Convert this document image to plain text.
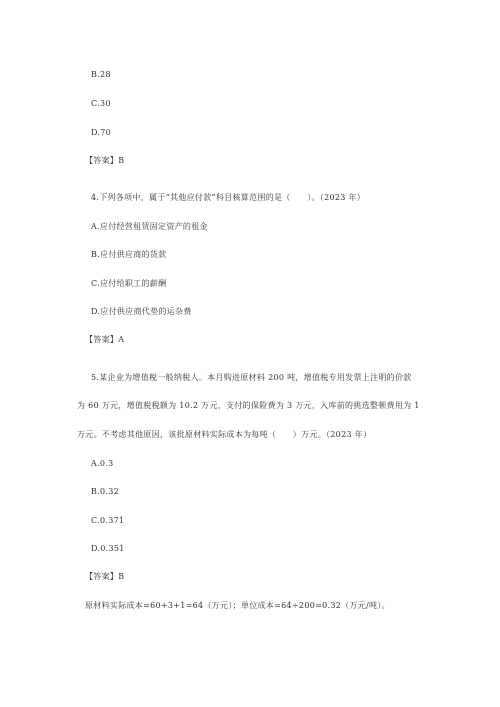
B.28
C.30
D.70
【答案】B
4.下列各项中，属于“其他应付款”科目核算范围的是（　　）。（2023 年）
A.应付经营租赁固定资产的租金
B.应付供应商的货款
C.应付给职工的薪酬
D.应付供应商代垫的运杂费
【答案】A
5.某企业为增值税一般纳税人。本月购进原材料 200 吨，增值税专用发票上注明的价款
为 60 万元，增值税税额为 10.2 万元，支付的保险费为 3 万元，入库前的挑选整顿费用为 1
万元。不考虑其他原因，该批原材料实际成本为每吨（　　）万元。（2023 年）
A.0.3
B.0.32
C.0.371
D.0.351
【答案】B
原材料实际成本=60+3+1=64（万元）；单位成本=64÷200=0.32（万元/吨）。
